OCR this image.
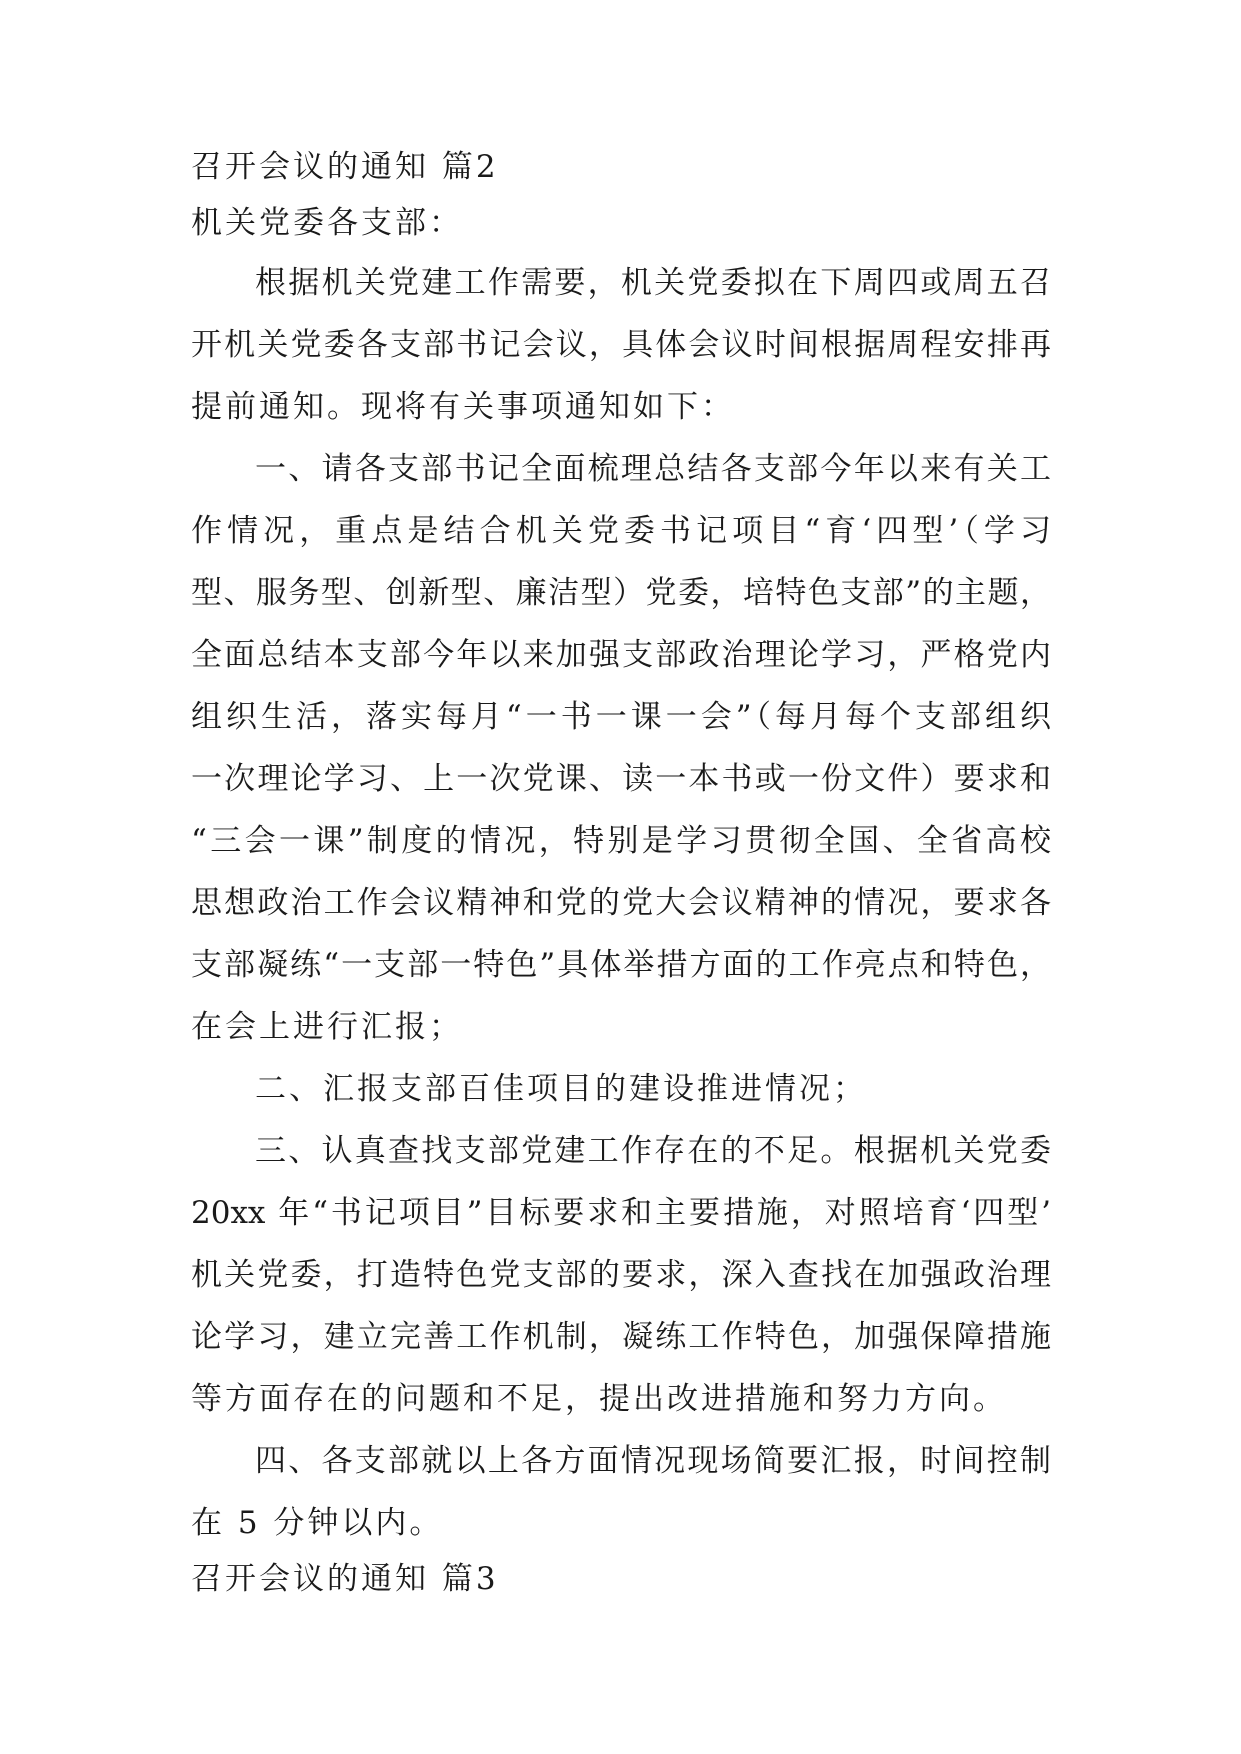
召开会议的通知 篇2
机关党委各支部：
根据机关党建工作需要，机关党委拟在下周四或周五召
开机关党委各支部书记会议，具体会议时间根据周程安排再
提前通知。现将有关事项通知如下：
一、请各支部书记全面梳理总结各支部今年以来有关工
作情况，重点是结合机关党委书记项目“育‘四型’（学习
型、服务型、创新型、廉洁型）党委，培特色支部”的主题，
全面总结本支部今年以来加强支部政治理论学习，严格党内
组织生活，落实每月“一书一课一会”（每月每个支部组织
一次理论学习、上一次党课、读一本书或一份文件）要求和
“三会一课”制度的情况，特别是学习贯彻全国、全省高校
思想政治工作会议精神和党的党大会议精神的情况，要求各
支部凝练“一支部一特色”具体举措方面的工作亮点和特色，
在会上进行汇报；
二、汇报支部百佳项目的建设推进情况；
三、认真查找支部党建工作存在的不足。根据机关党委
20xx 年“书记项目”目标要求和主要措施，对照培育‘四型’
机关党委，打造特色党支部的要求，深入查找在加强政治理
论学习，建立完善工作机制，凝练工作特色，加强保障措施
等方面存在的问题和不足，提出改进措施和努力方向。
四、各支部就以上各方面情况现场简要汇报，时间控制
在 5 分钟以内。
召开会议的通知 篇3
